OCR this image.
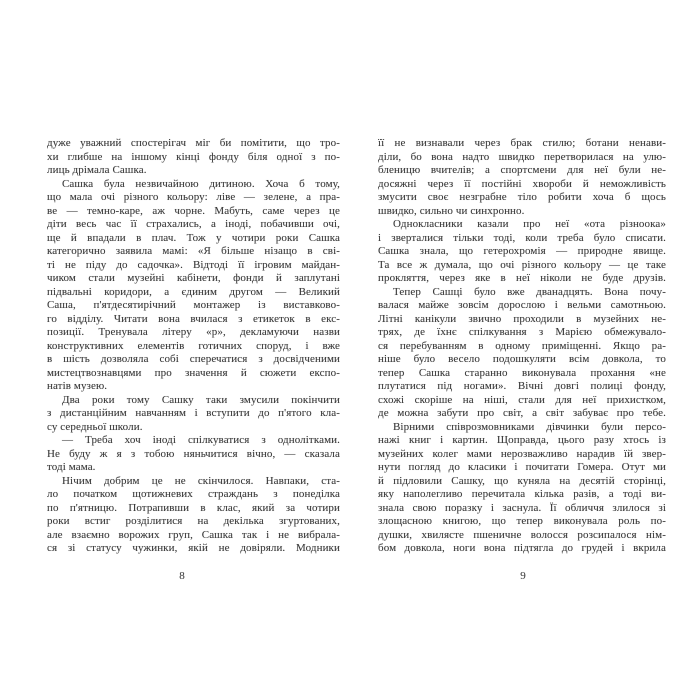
дуже уважний спостерігач міг би помітити, що тро-
хи глибше на іншому кінці фонду біля одної з по-
лиць дрімала Сашка.
Сашка була незвичайною дитиною. Хоча б тому,
що мала очі різного кольору: ліве — зелене, а пра-
ве — темно-каре, аж чорне. Мабуть, саме через це
діти весь час її страхались, а іноді, побачивши очі,
ще й впадали в плач. Тож у чотири роки Сашка
категорично заявила мамі: «Я більше нізащо в сві-
ті не піду до садочка». Відтоді її ігровим майдан-
чиком стали музейні кабінети, фонди й заплутані
підвальні коридори, а єдиним другом — Великий
Саша, п'ятдесятирічний монтажер із виставково-
го відділу. Читати вона вчилася з етикеток в екс-
позиції. Тренувала літеру «р», декламуючи назви
конструктивних елементів готичних споруд, і вже
в шість дозволяла собі сперечатися з досвідченими
мистецтвознавцями про значення й сюжети експо-
натів музею.
Два роки тому Сашку таки змусили покінчити
з дистанційним навчанням і вступити до п'ятого кла-
су середньої школи.
— Треба хоч іноді спілкуватися з однолітками.
Не буду ж я з тобою няньчитися вічно, — сказала
тоді мама.
Нічим добрим це не скінчилося. Навпаки, ста-
ло початком щотижневих страждань з понеділка
по п'ятницю. Потрапивши в клас, який за чотири
роки встиг розділитися на декілька згуртованих,
але взаємно ворожих груп, Сашка так і не вибрала-
ся зі статусу чужинки, якій не довіряли. Модники
її не визнавали через брак стилю; ботани ненави-
діли, бо вона надто швидко перетворилася на улю-
бленицю вчителів; а спортсмени для неї були не-
досяжні через її постійні хвороби й неможливість
змусити своє незграбне тіло робити хоча б щось
швидко, сильно чи синхронно.
Однокласники казали про неї «ота різноока»
і зверталися тільки тоді, коли треба було списати.
Сашка знала, що гетерохромія — природне явище.
Та все ж думала, що очі різного кольору — це таке
прокляття, через яке в неї ніколи не буде друзів.
Тепер Сашці було вже дванадцять. Вона почу-
валася майже зовсім дорослою і вельми самотньою.
Літні канікули звично проходили в музейних не-
трях, де їхнє спілкування з Марією обмежувало-
ся перебуванням в одному приміщенні. Якщо ра-
ніше було весело подошкуляти всім довкола, то
тепер Сашка старанно виконувала прохання «не
плутатися під ногами». Вічні довгі полиці фонду,
схожі скоріше на ніші, стали для неї прихистком,
де можна забути про світ, а світ забуває про тебе.
Вірними співрозмовниками дівчинки були персо-
нажі книг і картин. Щоправда, цього разу хтось із
музейних колег мами нерозважливо нарадив їй звер-
нути погляд до класики і почитати Гомера. Отут ми
й підловили Сашку, що куняла на десятій сторінці,
яку наполегливо перечитала кілька разів, а тоді ви-
знала свою поразку і заснула. Її обличчя злилося зі
злощасною книгою, що тепер виконувала роль по-
душки, хвилясте пшеничне волосся розсипалося нім-
бом довкола, ноги вона підтягла до грудей і вкрила
8	9
